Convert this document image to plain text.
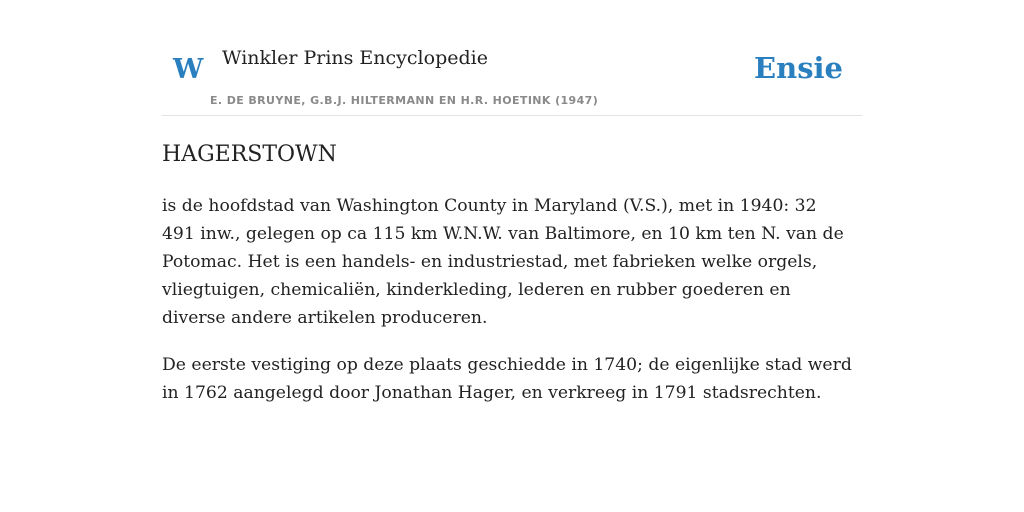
W Winkler Prins Encyclopedie
E. DE BRUYNE, G.B.J. HILTERMANN EN H.R. HOETINK (1947)
Ensie
HAGERSTOWN

is de hoofdstad van Washington County in Maryland (V.S.), met in 1940: 32 491 inw., gelegen op ca 115 km W.N.W. van Baltimore, en 10 km ten N. van de Potomac. Het is een handels- en industriestad, met fabrieken welke orgels, vliegtuigen, chemicaliën, kinderkleding, lederen en rubber goederen en diverse andere artikelen produceren.

De eerste vestiging op deze plaats geschiedde in 1740; de eigenlijke stad werd in 1762 aangelegd door Jonathan Hager, en verkreeg in 1791 stadsrechten.
